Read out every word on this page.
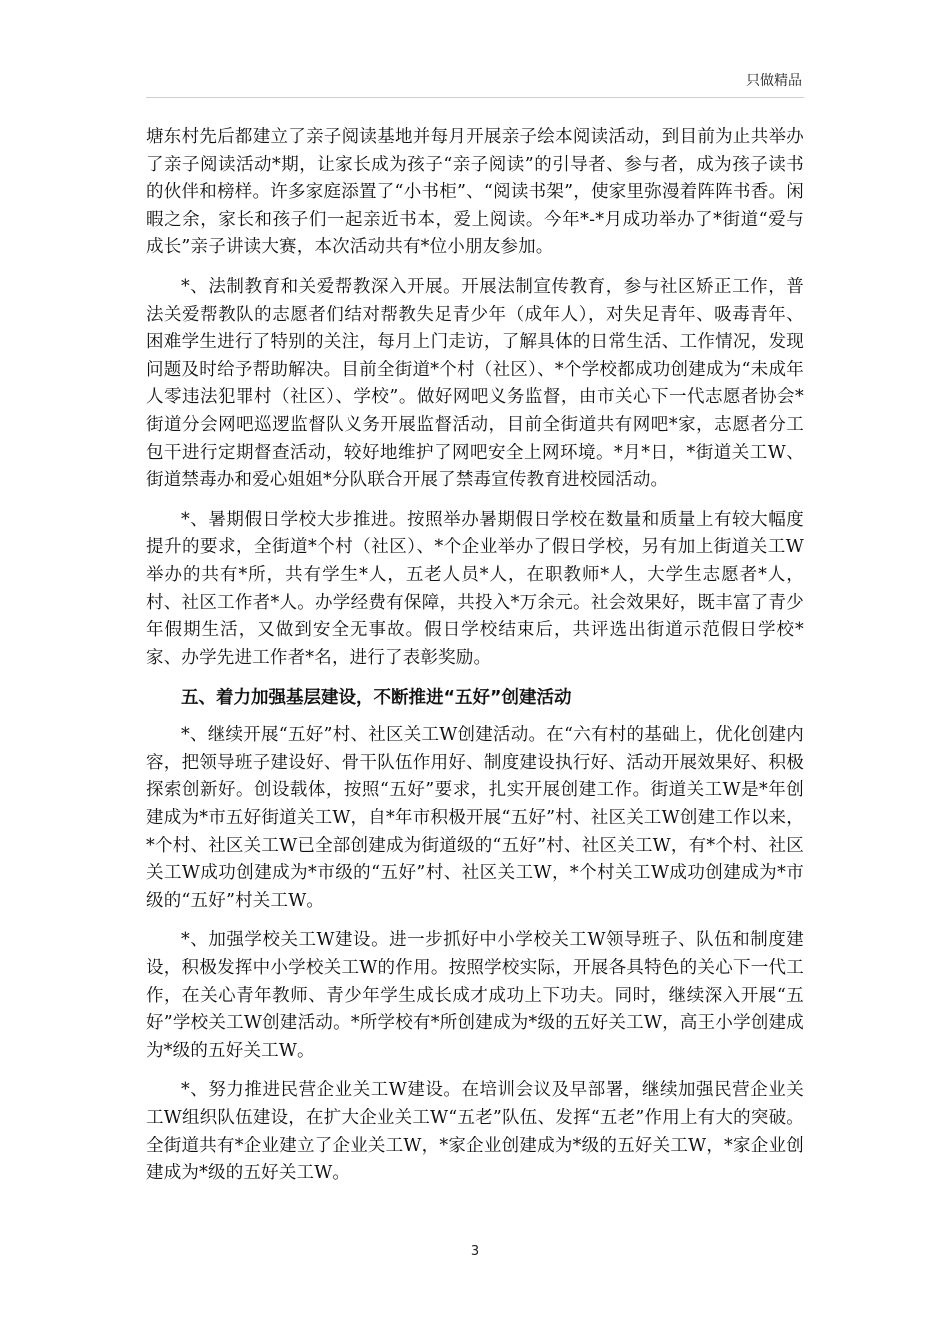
只做精品

塘东村先后都建立了亲子阅读基地并每月开展亲子绘本阅读活动，到目前为止共举办了亲子阅读活动*期，让家长成为孩子“亲子阅读”的引导者、参与者，成为孩子读书的伙伴和榜样。许多家庭添置了“小书柜”、“阅读书架”，使家里弥漫着阵阵书香。闲暇之余，家长和孩子们一起亲近书本，爱上阅读。今年*-*月成功举办了*街道“爱与成长”亲子讲读大赛，本次活动共有*位小朋友参加。

*、法制教育和关爱帮教深入开展。开展法制宣传教育，参与社区矫正工作，普法关爱帮教队的志愿者们结对帮教失足青少年（成年人），对失足青年、吸毒青年、困难学生进行了特别的关注，每月上门走访，了解具体的日常生活、工作情况，发现问题及时给予帮助解决。目前全街道*个村（社区）、*个学校都成功创建成为“未成年人零违法犯罪村（社区）、学校”。做好网吧义务监督，由市关心下一代志愿者协会*街道分会网吧巡逻监督队义务开展监督活动，目前全街道共有网吧*家，志愿者分工包干进行定期督查活动，较好地维护了网吧安全上网环境。*月*日，*街道关工W、街道禁毒办和爱心姐姐*分队联合开展了禁毒宣传教育进校园活动。

*、暑期假日学校大步推进。按照举办暑期假日学校在数量和质量上有较大幅度提升的要求，全街道*个村（社区）、*个企业举办了假日学校，另有加上街道关工W举办的共有*所，共有学生*人，五老人员*人，在职教师*人，大学生志愿者*人，村、社区工作者*人。办学经费有保障，共投入*万余元。社会效果好，既丰富了青少年假期生活，又做到安全无事故。假日学校结束后，共评选出街道示范假日学校*家、办学先进工作者*名，进行了表彰奖励。

五、着力加强基层建设，不断推进“五好”创建活动

*、继续开展“五好”村、社区关工W创建活动。在“六有村的基础上，优化创建内容，把领导班子建设好、骨干队伍作用好、制度建设执行好、活动开展效果好、积极探索创新好。创设载体，按照“五好”要求，扎实开展创建工作。街道关工W是*年创建成为*市五好街道关工W，自*年市积极开展“五好”村、社区关工W创建工作以来，*个村、社区关工W已全部创建成为街道级的“五好”村、社区关工W，有*个村、社区关工W成功创建成为*市级的“五好”村、社区关工W，*个村关工W成功创建成为*市级的“五好”村关工W。

*、加强学校关工W建设。进一步抓好中小学校关工W领导班子、队伍和制度建设，积极发挥中小学校关工W的作用。按照学校实际，开展各具特色的关心下一代工作，在关心青年教师、青少年学生成长成才成功上下功夫。同时，继续深入开展“五好”学校关工W创建活动。*所学校有*所创建成为*级的五好关工W，高王小学创建成为*级的五好关工W。

*、努力推进民营企业关工W建设。在培训会议及早部署，继续加强民营企业关工W组织队伍建设，在扩大企业关工W“五老”队伍、发挥“五老”作用上有大的突破。全街道共有*企业建立了企业关工W，*家企业创建成为*级的五好关工W，*家企业创建成为*级的五好关工W。

3
